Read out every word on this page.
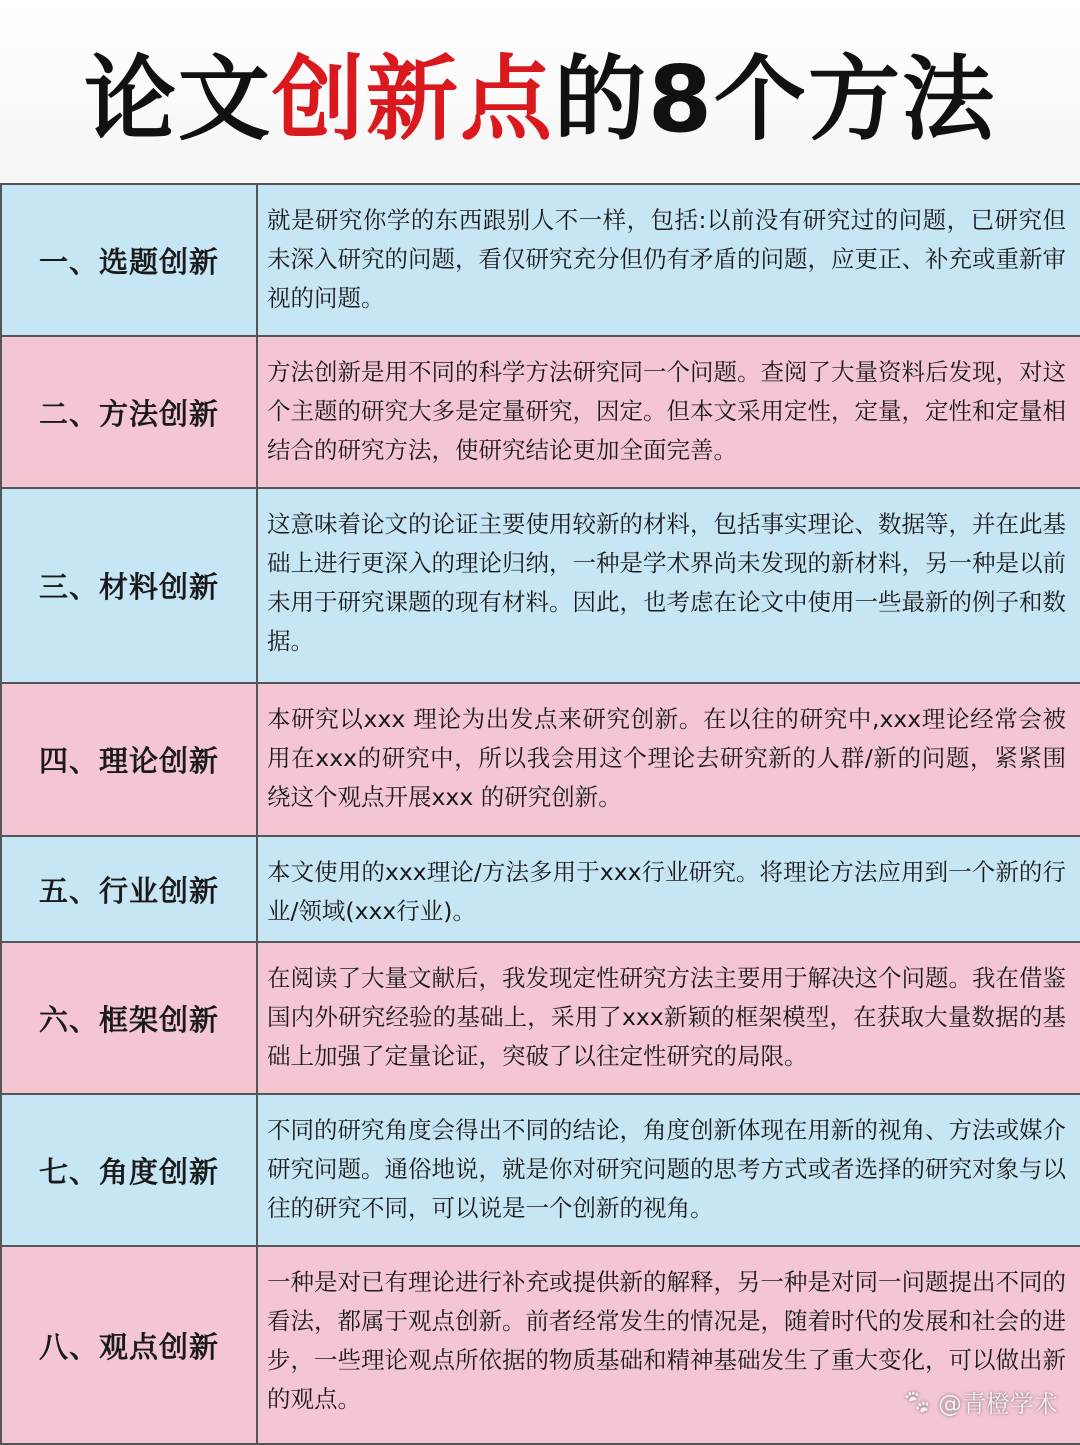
论文创新点的8个方法
一、选题创新
就是研究你学的东西跟别人不一样，包括:以前没有研究过的问题，已研究但未深入研究的问题，看仅研究充分但仍有矛盾的问题，应更正、补充或重新审视的问题。
二、方法创新
方法创新是用不同的科学方法研究同一个问题。查阅了大量资料后发现，对这个主题的研究大多是定量研究，因定。但本文采用定性，定量，定性和定量相结合的研究方法，使研究结论更加全面完善。
三、材料创新
这意味着论文的论证主要使用较新的材料，包括事实理论、数据等，并在此基础上进行更深入的理论归纳，一种是学术界尚未发现的新材料，另一种是以前未用于研究课题的现有材料。因此，也考虑在论文中使用一些最新的例子和数据。
四、理论创新
本研究以xxx 理论为出发点来研究创新。在以往的研究中,xxx理论经常会被用在xxx的研究中，所以我会用这个理论去研究新的人群/新的问题，紧紧围绕这个观点开展xxx 的研究创新。
五、行业创新
本文使用的xxx理论/方法多用于xxx行业研究。将理论方法应用到一个新的行业/领域(xxx行业)。
六、框架创新
在阅读了大量文献后，我发现定性研究方法主要用于解决这个问题。我在借鉴国内外研究经验的基础上，采用了xxx新颖的框架模型，在获取大量数据的基础上加强了定量论证，突破了以往定性研究的局限。
七、角度创新
不同的研究角度会得出不同的结论，角度创新体现在用新的视角、方法或媒介研究问题。通俗地说，就是你对研究问题的思考方式或者选择的研究对象与以往的研究不同，可以说是一个创新的视角。
八、观点创新
一种是对已有理论进行补充或提供新的解释，另一种是对同一问题提出不同的看法，都属于观点创新。前者经常发生的情况是，随着时代的发展和社会的进步，一些理论观点所依据的物质基础和精神基础发生了重大变化，可以做出新的观点。	🐾︎ @青橙学术
